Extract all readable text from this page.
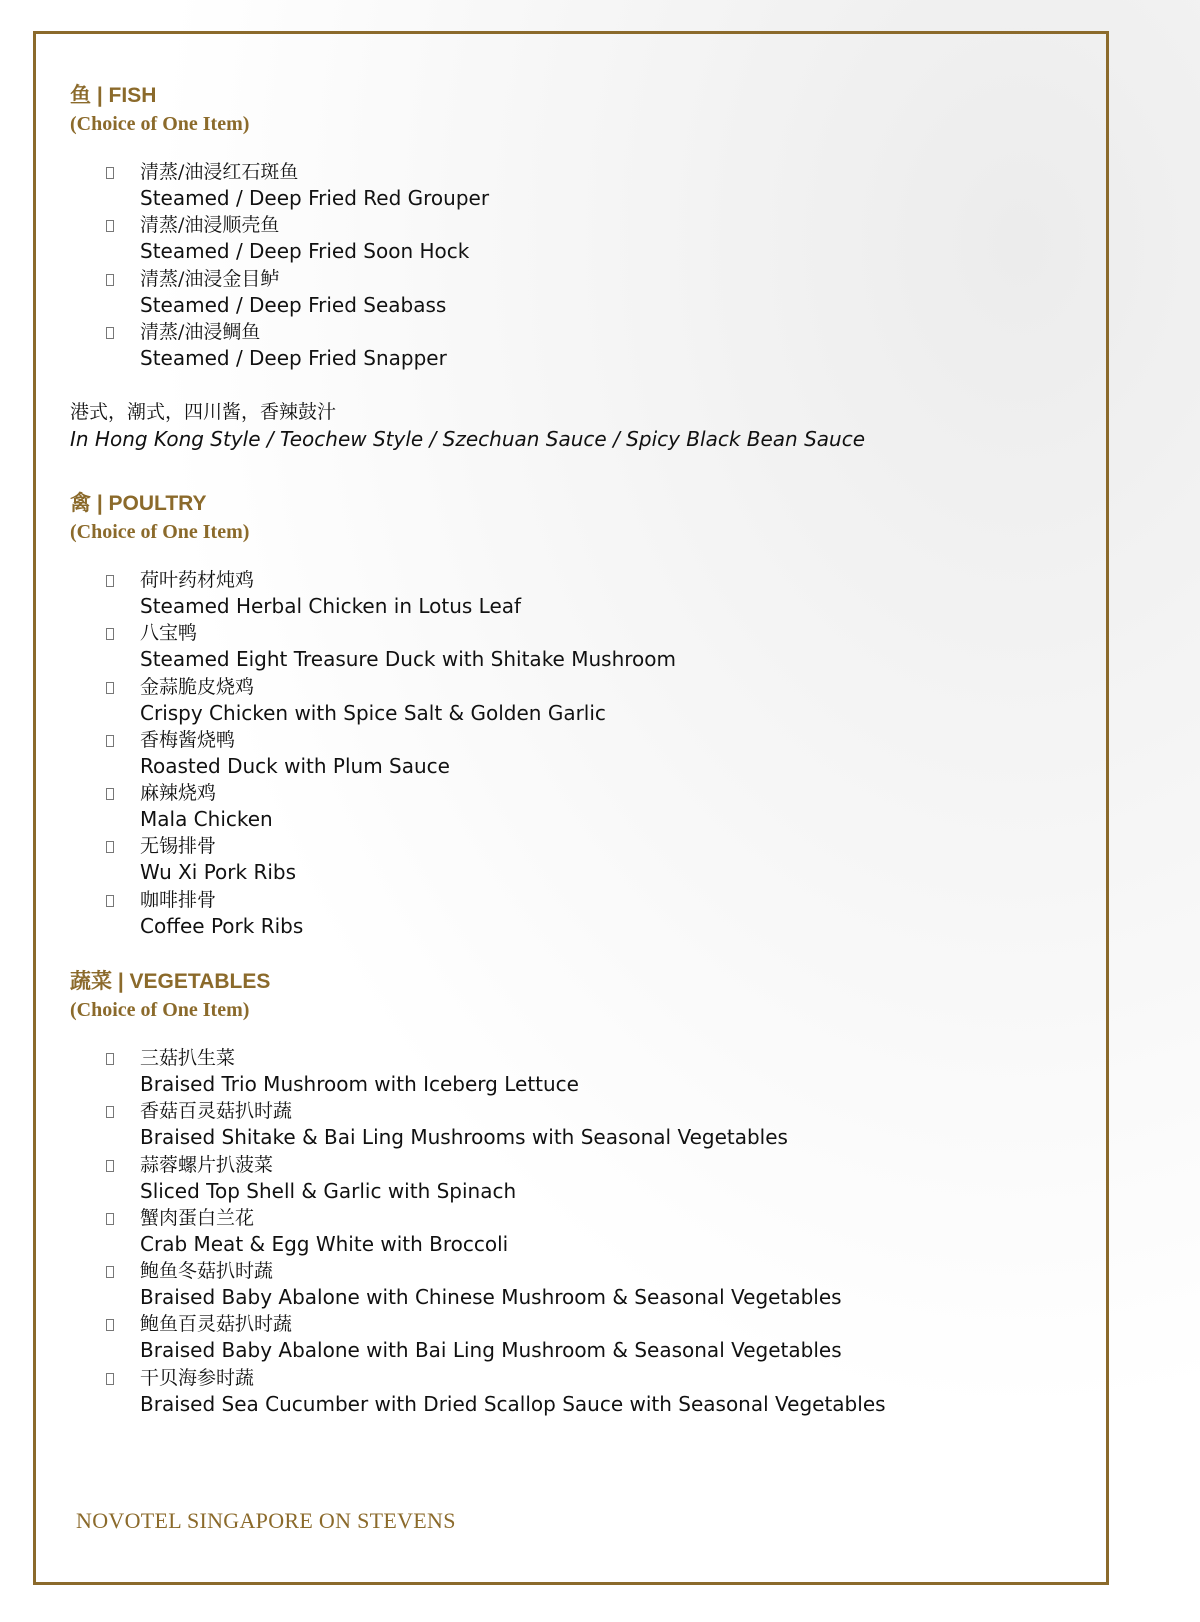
鱼 | FISH
(Choice of One Item)
清蒸/油浸红石斑鱼
Steamed / Deep Fried Red Grouper
清蒸/油浸顺壳鱼
Steamed / Deep Fried Soon Hock
清蒸/油浸金目鲈
Steamed / Deep Fried Seabass
清蒸/油浸鲷鱼
Steamed / Deep Fried Snapper
港式，潮式，四川酱，香辣鼓汁
In Hong Kong Style / Teochew Style / Szechuan Sauce / Spicy Black Bean Sauce
禽 | POULTRY
(Choice of One Item)
荷叶药材炖鸡
Steamed Herbal Chicken in Lotus Leaf
八宝鸭
Steamed Eight Treasure Duck with Shitake Mushroom
金蒜脆皮烧鸡
Crispy Chicken with Spice Salt & Golden Garlic
香梅酱烧鸭
Roasted Duck with Plum Sauce
麻辣烧鸡
Mala Chicken
无锡排骨
Wu Xi Pork Ribs
咖啡排骨
Coffee Pork Ribs
蔬菜 | VEGETABLES
(Choice of One Item)
三菇扒生菜
Braised Trio Mushroom with Iceberg Lettuce
香菇百灵菇扒时蔬
Braised Shitake & Bai Ling Mushrooms with Seasonal Vegetables
蒜蓉螺片扒菠菜
Sliced Top Shell & Garlic with Spinach
蟹肉蛋白兰花
Crab Meat & Egg White with Broccoli
鲍鱼冬菇扒时蔬
Braised Baby Abalone with Chinese Mushroom & Seasonal Vegetables
鲍鱼百灵菇扒时蔬
Braised Baby Abalone with Bai Ling Mushroom & Seasonal Vegetables
干贝海参时蔬
Braised Sea Cucumber with Dried Scallop Sauce with Seasonal Vegetables
NOVOTEL SINGAPORE ON STEVENS
